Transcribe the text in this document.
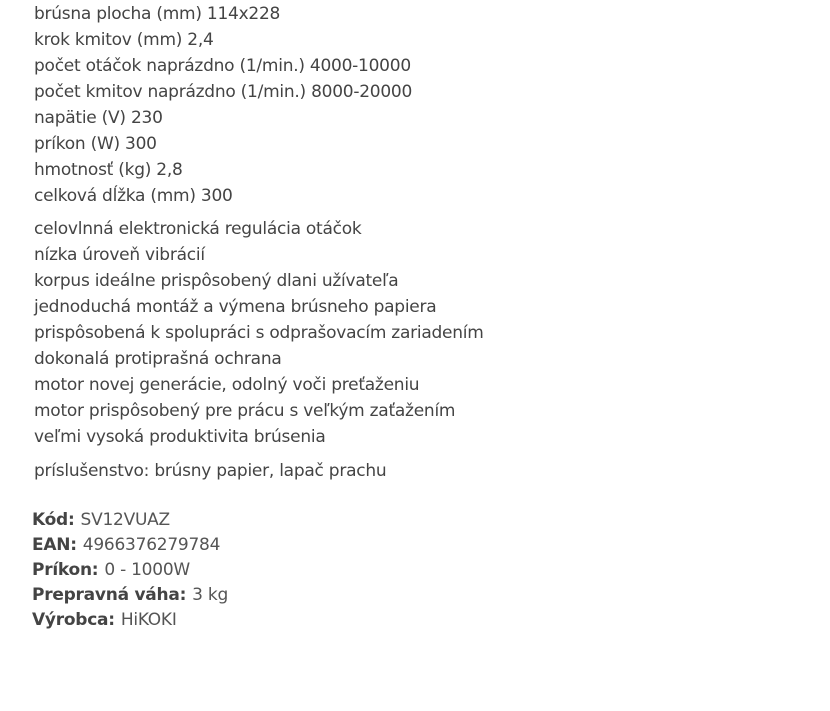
brúsna plocha (mm) 114x228
krok kmitov (mm) 2,4
počet otáčok naprázdno (1/min.) 4000-10000
počet kmitov naprázdno (1/min.) 8000-20000
napätie (V) 230
príkon (W) 300
hmotnosť (kg) 2,8
celková dĺžka (mm) 300
celovlnná elektronická regulácia otáčok
nízka úroveň vibrácií
korpus ideálne prispôsobený dlani užívateľa
jednoduchá montáž a výmena brúsneho papiera
prispôsobená k spolupráci s odprašovacím zariadením
dokonalá protiprašná ochrana
motor novej generácie, odolný voči preťaženiu
motor prispôsobený pre prácu s veľkým zaťažením
veľmi vysoká produktivita brúsenia
príslušenstvo: brúsny papier, lapač prachu
Kód: SV12VUAZ
EAN: 4966376279784
Príkon: 0 - 1000W
Prepravná váha: 3 kg
Výrobca: HiKOKI
